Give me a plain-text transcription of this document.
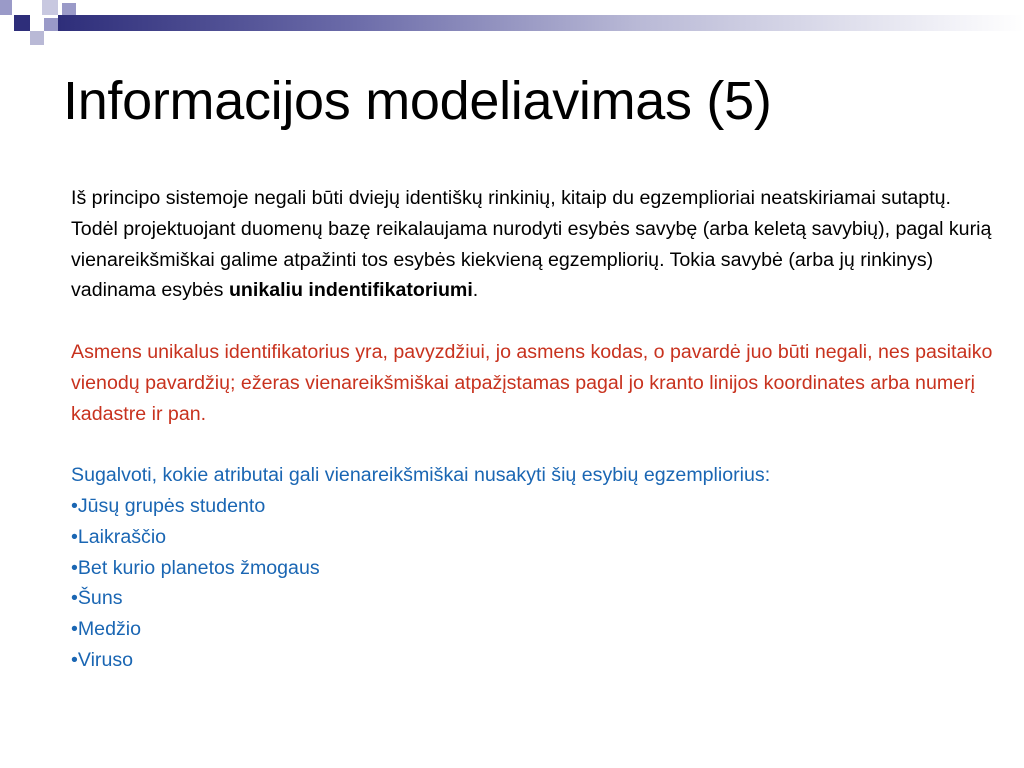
Informacijos modeliavimas (5)

Iš principo sistemoje negali būti dviejų identiškų rinkinių, kitaip du egzemplioriai neatskiriamai sutaptų. Todėl projektuojant duomenų bazę reikalaujama nurodyti esybės savybę (arba keletą savybių), pagal kurią vienareikšmiškai galime atpažinti tos esybės kiekvieną egzempliorių. Tokia savybė (arba jų rinkinys) vadinama esybės unikaliu indentifikatoriumi.

Asmens unikalus identifikatorius yra, pavyzdžiui, jo asmens kodas, o pavardė juo būti negali, nes pasitaiko vienodų pavardžių; ežeras vienareikšmiškai atpažįstamas pagal jo kranto linijos koordinates arba numerį kadastre ir pan.

Sugalvoti, kokie atributai gali vienareikšmiškai nusakyti šių esybių egzempliorius:

•Jūsų grupės studento
•Laikraščio
•Bet kurio planetos žmogaus
•Šuns
•Medžio
•Viruso
